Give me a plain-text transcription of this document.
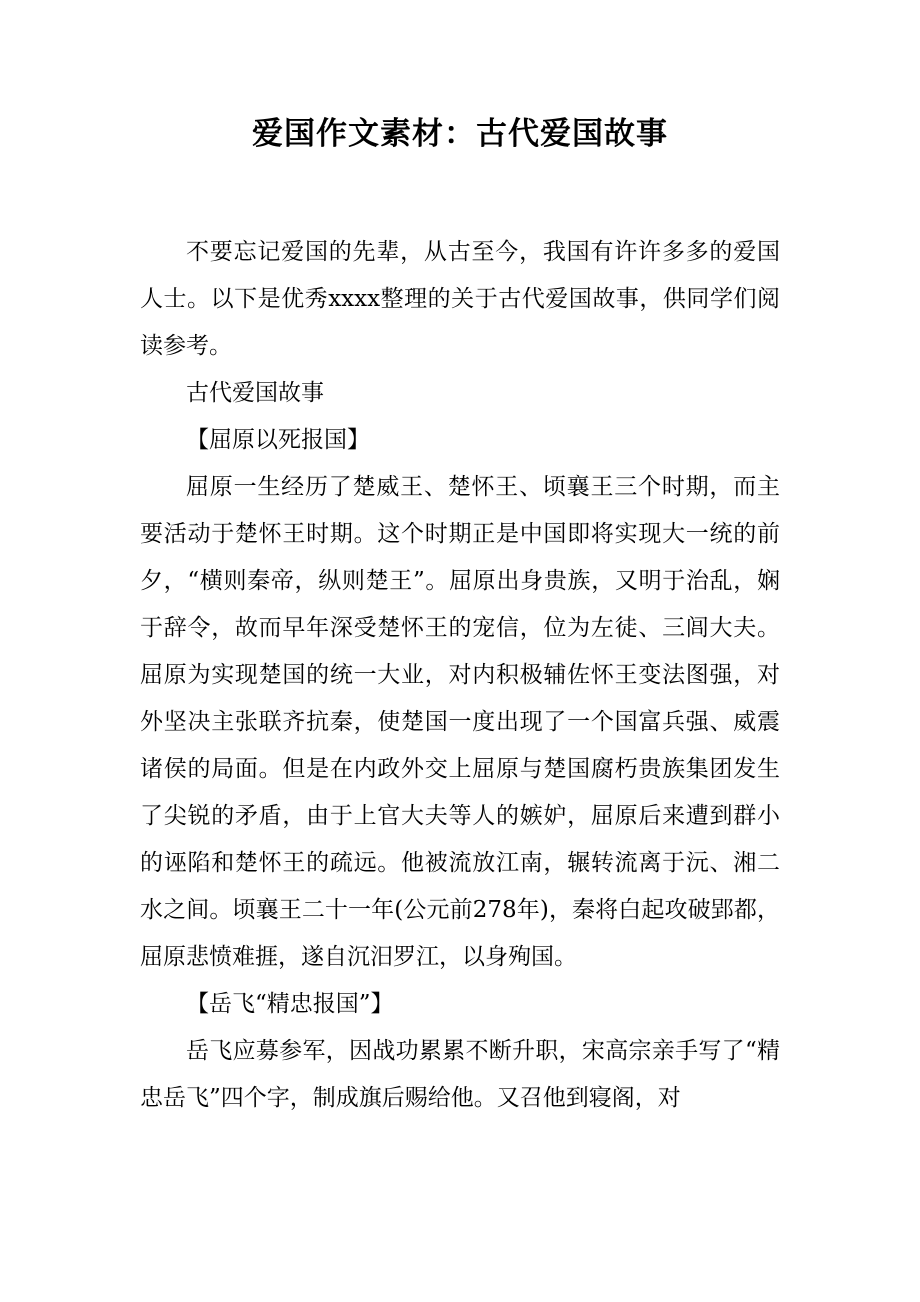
爱国作文素材：古代爱国故事

不要忘记爱国的先辈，从古至今，我国有许许多多的爱国人士。以下是优秀xxxx整理的关于古代爱国故事，供同学们阅读参考。

古代爱国故事

【屈原以死报国】

屈原一生经历了楚威王、楚怀王、顷襄王三个时期，而主要活动于楚怀王时期。这个时期正是中国即将实现大一统的前夕，“横则秦帝，纵则楚王”。屈原出身贵族，又明于治乱，娴于辞令，故而早年深受楚怀王的宠信，位为左徒、三闾大夫。屈原为实现楚国的统一大业，对内积极辅佐怀王变法图强，对外坚决主张联齐抗秦，使楚国一度出现了一个国富兵强、威震诸侯的局面。但是在内政外交上屈原与楚国腐朽贵族集团发生了尖锐的矛盾，由于上官大夫等人的嫉妒，屈原后来遭到群小的诬陷和楚怀王的疏远。他被流放江南，辗转流离于沅、湘二水之间。顷襄王二十一年(公元前278年)，秦将白起攻破郢都，屈原悲愤难捱，遂自沉汨罗江，以身殉国。

【岳飞“精忠报国”】

岳飞应募参军，因战功累累不断升职，宋高宗亲手写了“精忠岳飞”四个字，制成旗后赐给他。又召他到寝阁，对
